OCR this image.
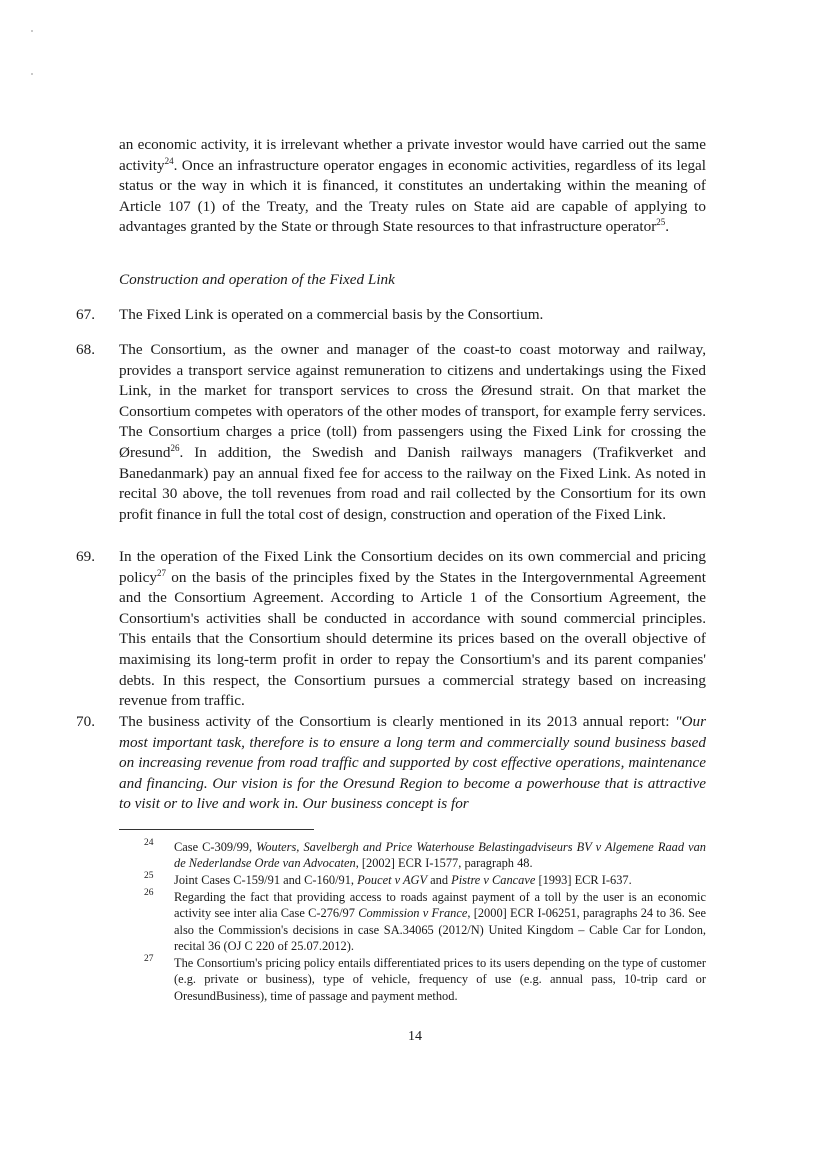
an economic activity, it is irrelevant whether a private investor would have carried out the same activity$^{24}$. Once an infrastructure operator engages in economic activities, regardless of its legal status or the way in which it is financed, it constitutes an undertaking within the meaning of Article 107 (1) of the Treaty, and the Treaty rules on State aid are capable of applying to advantages granted by the State or through State resources to that infrastructure operator$^{25}$.

Construction and operation of the Fixed Link
67. The Fixed Link is operated on a commercial basis by the Consortium.

68. The Consortium, as the owner and manager of the coast-to coast motorway and railway, provides a transport service against remuneration to citizens and undertakings using the Fixed Link, in the market for transport services to cross the Øresund strait. On that market the Consortium competes with operators of the other modes of transport, for example ferry services. The Consortium charges a price (toll) from passengers using the Fixed Link for crossing the Øresund$^{26}$. In addition, the Swedish and Danish railways managers (Trafikverket and Banedanmark) pay an annual fixed fee for access to the railway on the Fixed Link. As noted in recital 30 above, the toll revenues from road and rail collected by the Consortium for its own profit finance in full the total cost of design, construction and operation of the Fixed Link.

69. In the operation of the Fixed Link the Consortium decides on its own commercial and pricing policy$^{27}$ on the basis of the principles fixed by the States in the Intergovernmental Agreement and the Consortium Agreement. According to Article 1 of the Consortium Agreement, the Consortium's activities shall be conducted in accordance with sound commercial principles. This entails that the Consortium should determine its prices based on the overall objective of maximising its long-term profit in order to repay the Consortium's and its parent companies' debts. In this respect, the Consortium pursues a commercial strategy based on increasing revenue from traffic.

70. The business activity of the Consortium is clearly mentioned in its 2013 annual report: "Our most important task, therefore is to ensure a long term and commercially sound business based on increasing revenue from road traffic and supported by cost effective operations, maintenance and financing. Our vision is for the Oresund Region to become a powerhouse that is attractive to visit or to live and work in. Our business concept is for

24 Case C-309/99, Wouters, Savelbergh and Price Waterhouse Belastingadviseurs BV v Algemene Raad van de Nederlandse Orde van Advocaten, [2002] ECR I-1577, paragraph 48.

25 Joint Cases C-159/91 and C-160/91, Poucet v AGV and Pistre v Cancave [1993] ECR I-637.

26 Regarding the fact that providing access to roads against payment of a toll by the user is an economic activity see inter alia Case C-276/97 Commission v France, [2000] ECR I-06251, paragraphs 24 to 36. See also the Commission's decisions in case SA.34065 (2012/N) United Kingdom – Cable Car for London, recital 36 (OJ C 220 of 25.07.2012).

27 The Consortium's pricing policy entails differentiated prices to its users depending on the type of customer (e.g. private or business), type of vehicle, frequency of use (e.g. annual pass, 10-trip card or OresundBusiness), time of passage and payment method.

14
